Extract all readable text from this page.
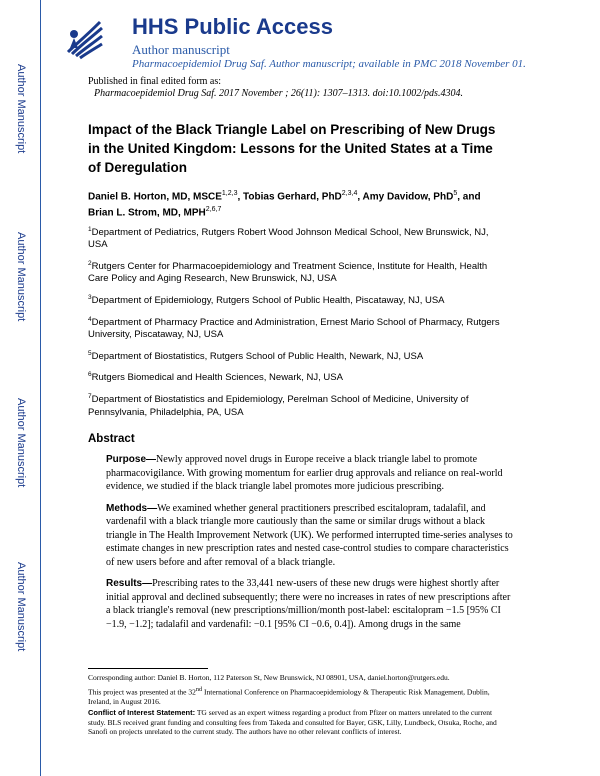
Author Manuscript
Author Manuscript
Author Manuscript
Author Manuscript
HHS Public Access

Author manuscript

Pharmacoepidemiol Drug Saf. Author manuscript; available in PMC 2018 November 01.

Published in final edited form as:
Pharmacoepidemiol Drug Saf. 2017 November ; 26(11): 1307–1313. doi:10.1002/pds.4304.
Impact of the Black Triangle Label on Prescribing of New Drugs in the United Kingdom: Lessons for the United States at a Time of Deregulation

Daniel B. Horton, MD, MSCE$^{1,2,3}$, Tobias Gerhard, PhD$^{2,3,4}$, Amy Davidow, PhD$^5$, and Brian L. Strom, MD, MPH$^{2,6,7}$

$^1$Department of Pediatrics, Rutgers Robert Wood Johnson Medical School, New Brunswick, NJ, USA

$^2$Rutgers Center for Pharmacoepidemiology and Treatment Science, Institute for Health, Health Care Policy and Aging Research, New Brunswick, NJ, USA

$^3$Department of Epidemiology, Rutgers School of Public Health, Piscataway, NJ, USA

$^4$Department of Pharmacy Practice and Administration, Ernest Mario School of Pharmacy, Rutgers University, Piscataway, NJ, USA

$^5$Department of Biostatistics, Rutgers School of Public Health, Newark, NJ, USA

$^6$Rutgers Biomedical and Health Sciences, Newark, NJ, USA

$^7$Department of Biostatistics and Epidemiology, Perelman School of Medicine, University of Pennsylvania, Philadelphia, PA, USA

Abstract

Purpose—Newly approved novel drugs in Europe receive a black triangle label to promote pharmacovigilance. With growing momentum for earlier drug approvals and reliance on real-world evidence, we studied if the black triangle label promotes more judicious prescribing.

Methods—We examined whether general practitioners prescribed escitalopram, tadalafil, and vardenafil with a black triangle more cautiously than the same or similar drugs without a black triangle in The Health Improvement Network (UK). We performed interrupted time-series analyses to estimate changes in new prescription rates and nested case-control studies to compare characteristics of new users before and after removal of a black triangle.

Results—Prescribing rates to the 33,441 new-users of these new drugs were highest shortly after initial approval and declined subsequently; there were no increases in rates of new prescriptions after a black triangle's removal (new prescriptions/million/month post-label: escitalopram −1.5 [95% CI −1.9, −1.2]; tadalafil and vardenafil: −0.1 [95% CI −0.6, 0.4]). Among drugs in the same

Corresponding author: Daniel B. Horton, 112 Paterson St, New Brunswick, NJ 08901, USA, daniel.horton@rutgers.edu.

This project was presented at the 32nd International Conference on Pharmacoepidemiology & Therapeutic Risk Management, Dublin, Ireland, in August 2016.

Conflict of Interest Statement: TG served as an expert witness regarding a product from Pfizer on matters unrelated to the current study. BLS received grant funding and consulting fees from Takeda and consulted for Bayer, GSK, Lilly, Lundbeck, Otsuka, Roche, and Sanofi on projects unrelated to the current study. The authors have no other relevant conflicts of interest.
